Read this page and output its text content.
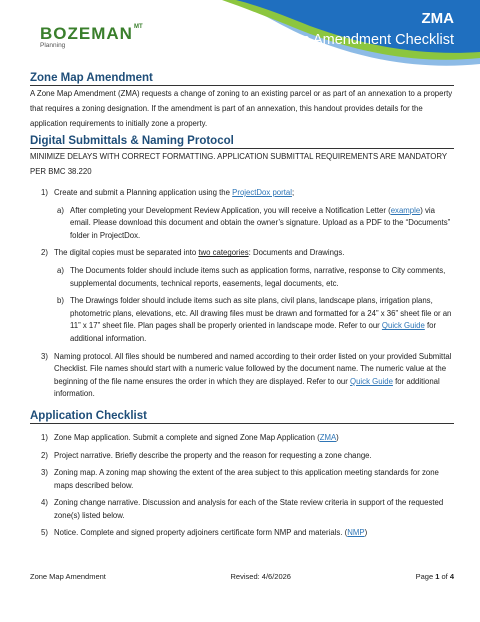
$BOZEMAN^{MT}$
Planning
ZMA
Zone Map Amendment Checklist
Zone Map Amendment

A Zone Map Amendment (ZMA) requests a change of zoning to an existing parcel or as part of an annexation to a property that requires a zoning designation. If the amendment is part of an annexation, this handout provides details for the application requirements to initially zone a property.

Digital Submittals & Naming Protocol

MINIMIZE DELAYS WITH CORRECT FORMATTING. APPLICATION SUBMITTAL REQUIREMENTS ARE MANDATORY PER BMC 38.220

1) Create and submit a Planning application using the ProjectDox portal;
a) After completing your Development Review Application, you will receive a Notification Letter (example) via email. Please download this document and obtain the owner’s signature. Upload as a PDF to the “Documents” folder in ProjectDox.
2) The digital copies must be separated into two categories: Documents and Drawings.
a) The Documents folder should include items such as application forms, narrative, response to City comments, supplemental documents, technical reports, easements, legal documents, etc.
b) The Drawings folder should include items such as site plans, civil plans, landscape plans, irrigation plans, photometric plans, elevations, etc. All drawing files must be drawn and formatted for a 24” x 36” sheet file or an 11” x 17” sheet file. Plan pages shall be properly oriented in landscape mode. Refer to our Quick Guide for additional information.
3) Naming protocol. All files should be numbered and named according to their order listed on your provided Submittal Checklist. File names should start with a numeric value followed by the document name. The numeric value at the beginning of the file name ensures the order in which they are displayed. Refer to our Quick Guide for additional information.
Application Checklist
1) Zone Map application. Submit a complete and signed Zone Map Application (ZMA)
2) Project narrative. Briefly describe the property and the reason for requesting a zone change.
3) Zoning map. A zoning map showing the extent of the area subject to this application meeting standards for zone maps described below.
4) Zoning change narrative. Discussion and analysis for each of the State review criteria in support of the requested zone(s) listed below.
5) Notice. Complete and signed property adjoiners certificate form NMP and materials. (NMP)
Zone Map Amendment	Revised: 4/6/2026	Page 1 of 4
